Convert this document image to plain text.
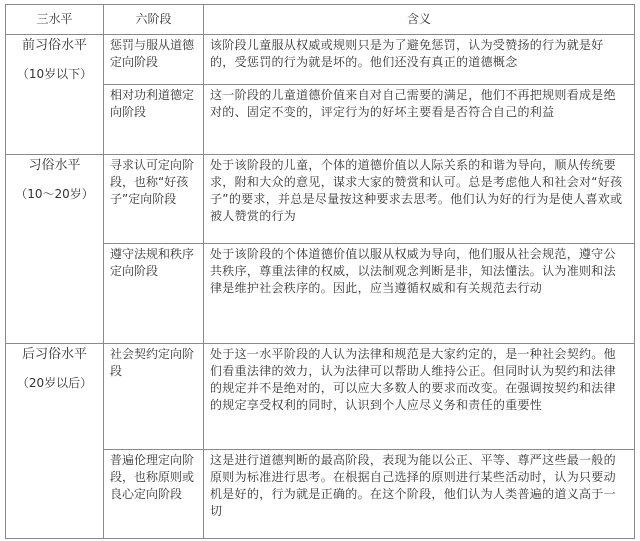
三水平	六阶段	含义

前习俗水平
（10岁以下）	惩罚与服从道德定向阶段	该阶段儿童服从权威或规则只是为了避免惩罚，认为受赞扬的行为就是好的，受惩罚的行为就是坏的。他们还没有真正的道德概念
	相对功利道德定向阶段	这一阶段的儿童道德价值来自对自己需要的满足，他们不再把规则看成是绝对的、固定不变的，评定行为的好坏主要看是否符合自己的利益

习俗水平
（10～20岁）	寻求认可定向阶段，也称“好孩子”定向阶段	处于该阶段的儿童，个体的道德价值以人际关系的和谐为导向，顺从传统要求，附和大众的意见，谋求大家的赞赏和认可。总是考虑他人和社会对“好孩子”的要求，并总是尽量按这种要求去思考。他们认为好的行为是使人喜欢或被人赞赏的行为
	遵守法规和秩序定向阶段	处于该阶段的个体道德价值以服从权威为导向，他们服从社会规范，遵守公共秩序，尊重法律的权威，以法制观念判断是非，知法懂法。认为准则和法律是维护社会秩序的。因此，应当遵循权威和有关规范去行动

后习俗水平
（20岁以后）	社会契约定向阶段	处于这一水平阶段的人认为法律和规范是大家约定的，是一种社会契约。他们看重法律的效力，认为法律可以帮助人维持公正。但同时认为契约和法律的规定并不是绝对的，可以应大多数人的要求而改变。在强调按契约和法律的规定享受权利的同时，认识到个人应尽义务和责任的重要性
	普遍伦理定向阶段，也称原则或良心定向阶段	这是进行道德判断的最高阶段，表现为能以公正、平等、尊严这些最一般的原则为标准进行思考。在根据自己选择的原则进行某些活动时，认为只要动机是好的，行为就是正确的。在这个阶段，他们认为人类普遍的道义高于一切
